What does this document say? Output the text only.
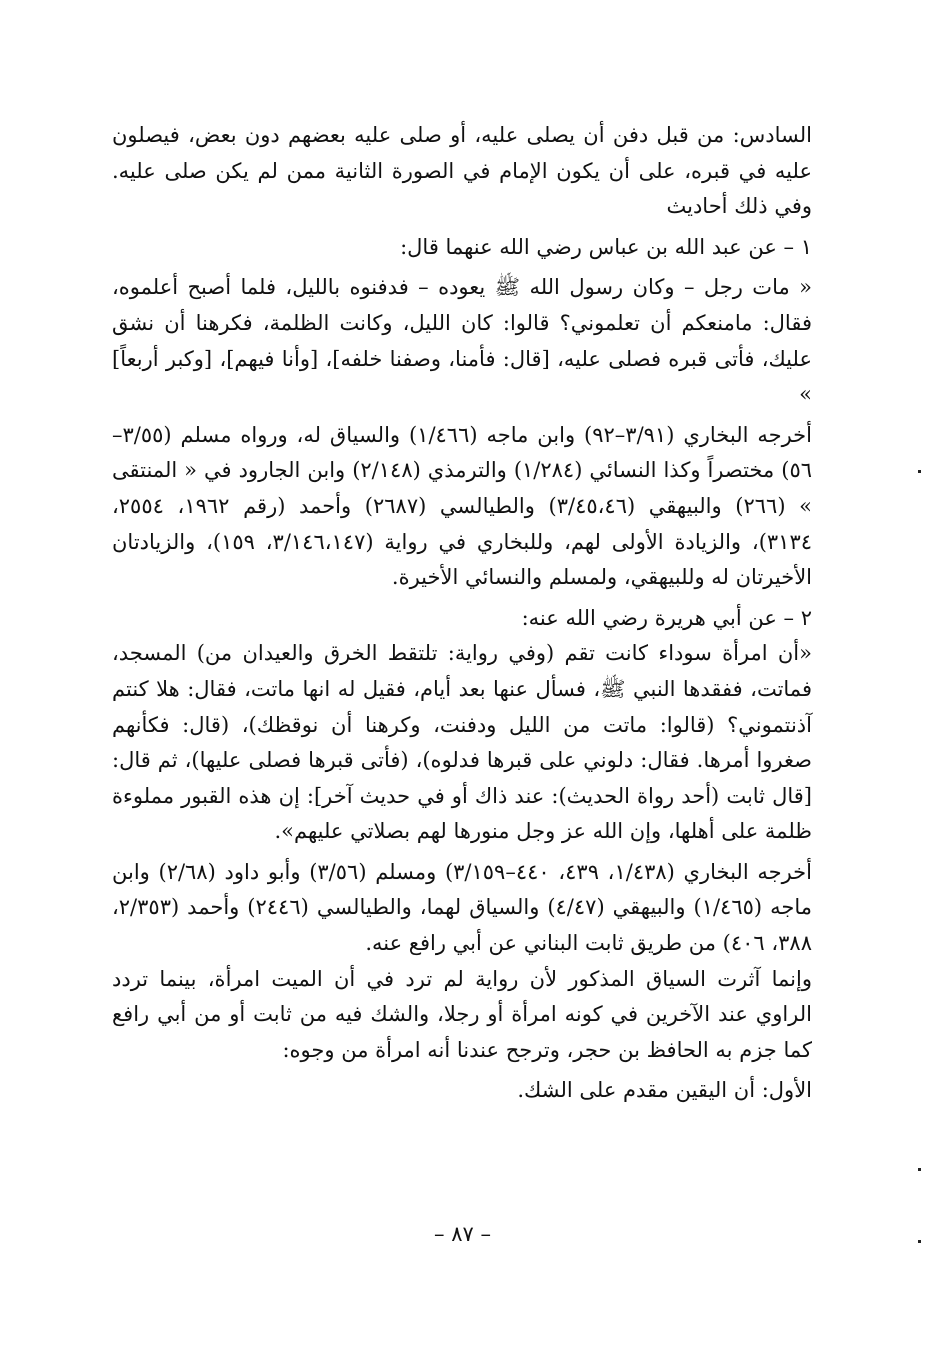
السادس: من قبل دفن أن يصلى عليه، أو صلى عليه بعضهم دون بعض، فيصلون عليه في قبره، على أن يكون الإمام في الصورة الثانية ممن لم يكن صلى عليه. وفي ذلك أحاديث

١ – عن عبد الله بن عباس رضي الله عنهما قال:

« مات رجل – وكان رسول الله ﷺ يعوده – فدفنوه بالليل، فلما أصبح أعلموه، فقال: مامنعكم أن تعلموني؟ قالوا: كان الليل، وكانت الظلمة، فكرهنا أن نشق عليك، فأتى قبره فصلى عليه، [قال: فأمنا، وصفنا خلفه]، [وأنا فيهم]، [وكبر أربعاً] »

أخرجه البخاري (٣/٩١–٩٢) وابن ماجه (١/٤٦٦) والسياق له، ورواه مسلم (٣/٥٥–٥٦) مختصراً وكذا النسائي (١/٢٨٤) والترمذي (٢/١٤٨) وابن الجارود في « المنتقى » (٢٦٦) والبيهقي (٣/٤٥،٤٦) والطيالسي (٢٦٨٧) وأحمد (رقم ١٩٦٢، ٢٥٥٤، ٣١٣٤)، والزيادة الأولى لهم، وللبخاري في رواية (٣/١٤٦،١٤٧، ١٥٩)، والزيادتان الأخيرتان له وللبيهقي، ولمسلم والنسائي الأخيرة.

٢ – عن أبي هريرة رضي الله عنه:

«أن امرأة سوداء كانت تقم (وفي رواية: تلتقط الخرق والعيدان من) المسجد، فماتت، ففقدها النبي ﷺ، فسأل عنها بعد أيام، فقيل له انها ماتت، فقال: هلا كنتم آذنتموني؟ (قالوا: ماتت من الليل ودفنت، وكرهنا أن نوقظك)، (قال: فكأنهم صغروا أمرها. فقال: دلوني على قبرها فدلوه)، (فأتى قبرها فصلى عليها)، ثم قال: [قال ثابت (أحد رواة الحديث): عند ذاك أو في حديث آخر]: إن هذه القبور مملوءة ظلمة على أهلها، وإن الله عز وجل منورها لهم بصلاتي عليهم».

أخرجه البخاري (١/٤٣٨، ٤٣٩، ٤٤٠–٣/١٥٩) ومسلم (٣/٥٦) وأبو داود (٢/٦٨) وابن ماجه (١/٤٦٥) والبيهقي (٤/٤٧) والسياق لهما، والطيالسي (٢٤٤٦) وأحمد (٢/٣٥٣، ٣٨٨، ٤٠٦) من طريق ثابت البناني عن أبي رافع عنه.

وإنما آثرت السياق المذكور لأن رواية لم ترد في أن الميت امرأة، بينما تردد الراوي عند الآخرين في كونه امرأة أو رجلا، والشك فيه من ثابت أو من أبي رافع كما جزم به الحافظ بن حجر، وترجح عندنا أنه امرأة من وجوه:

الأول: أن اليقين مقدم على الشك.

– ٨٧ –
